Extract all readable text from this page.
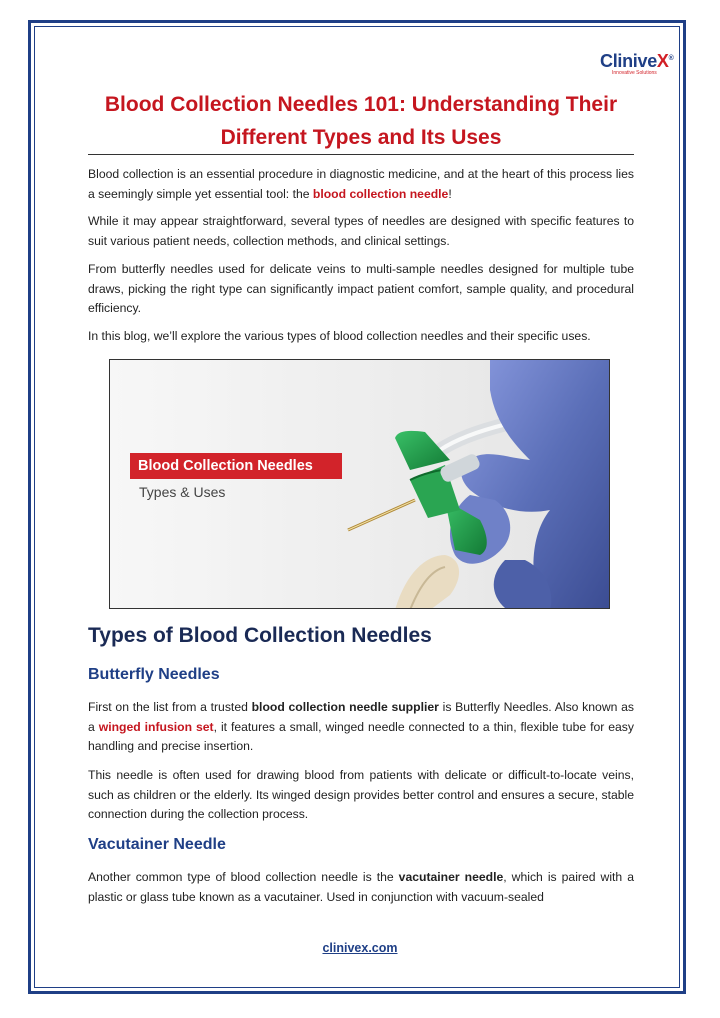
CliniveX®
Innovative Solutions
Blood Collection Needles 101: Understanding Their Different Types and Its Uses

Blood collection is an essential procedure in diagnostic medicine, and at the heart of this process lies a seemingly simple yet essential tool: the blood collection needle!

While it may appear straightforward, several types of needles are designed with specific features to suit various patient needs, collection methods, and clinical settings.

From butterfly needles used for delicate veins to multi-sample needles designed for multiple tube draws, picking the right type can significantly impact patient comfort, sample quality, and procedural efficiency.

In this blog, we’ll explore the various types of blood collection needles and their specific uses.

Blood Collection Needles
Types & Uses
Types of Blood Collection Needles
Butterfly Needles

First on the list from a trusted blood collection needle supplier is Butterfly Needles. Also known as a winged infusion set, it features a small, winged needle connected to a thin, flexible tube for easy handling and precise insertion.

This needle is often used for drawing blood from patients with delicate or difficult-to-locate veins, such as children or the elderly. Its winged design provides better control and ensures a secure, stable connection during the collection process.

Vacutainer Needle

Another common type of blood collection needle is the vacutainer needle, which is paired with a plastic or glass tube known as a vacutainer. Used in conjunction with vacuum-sealed

clinivex.com
